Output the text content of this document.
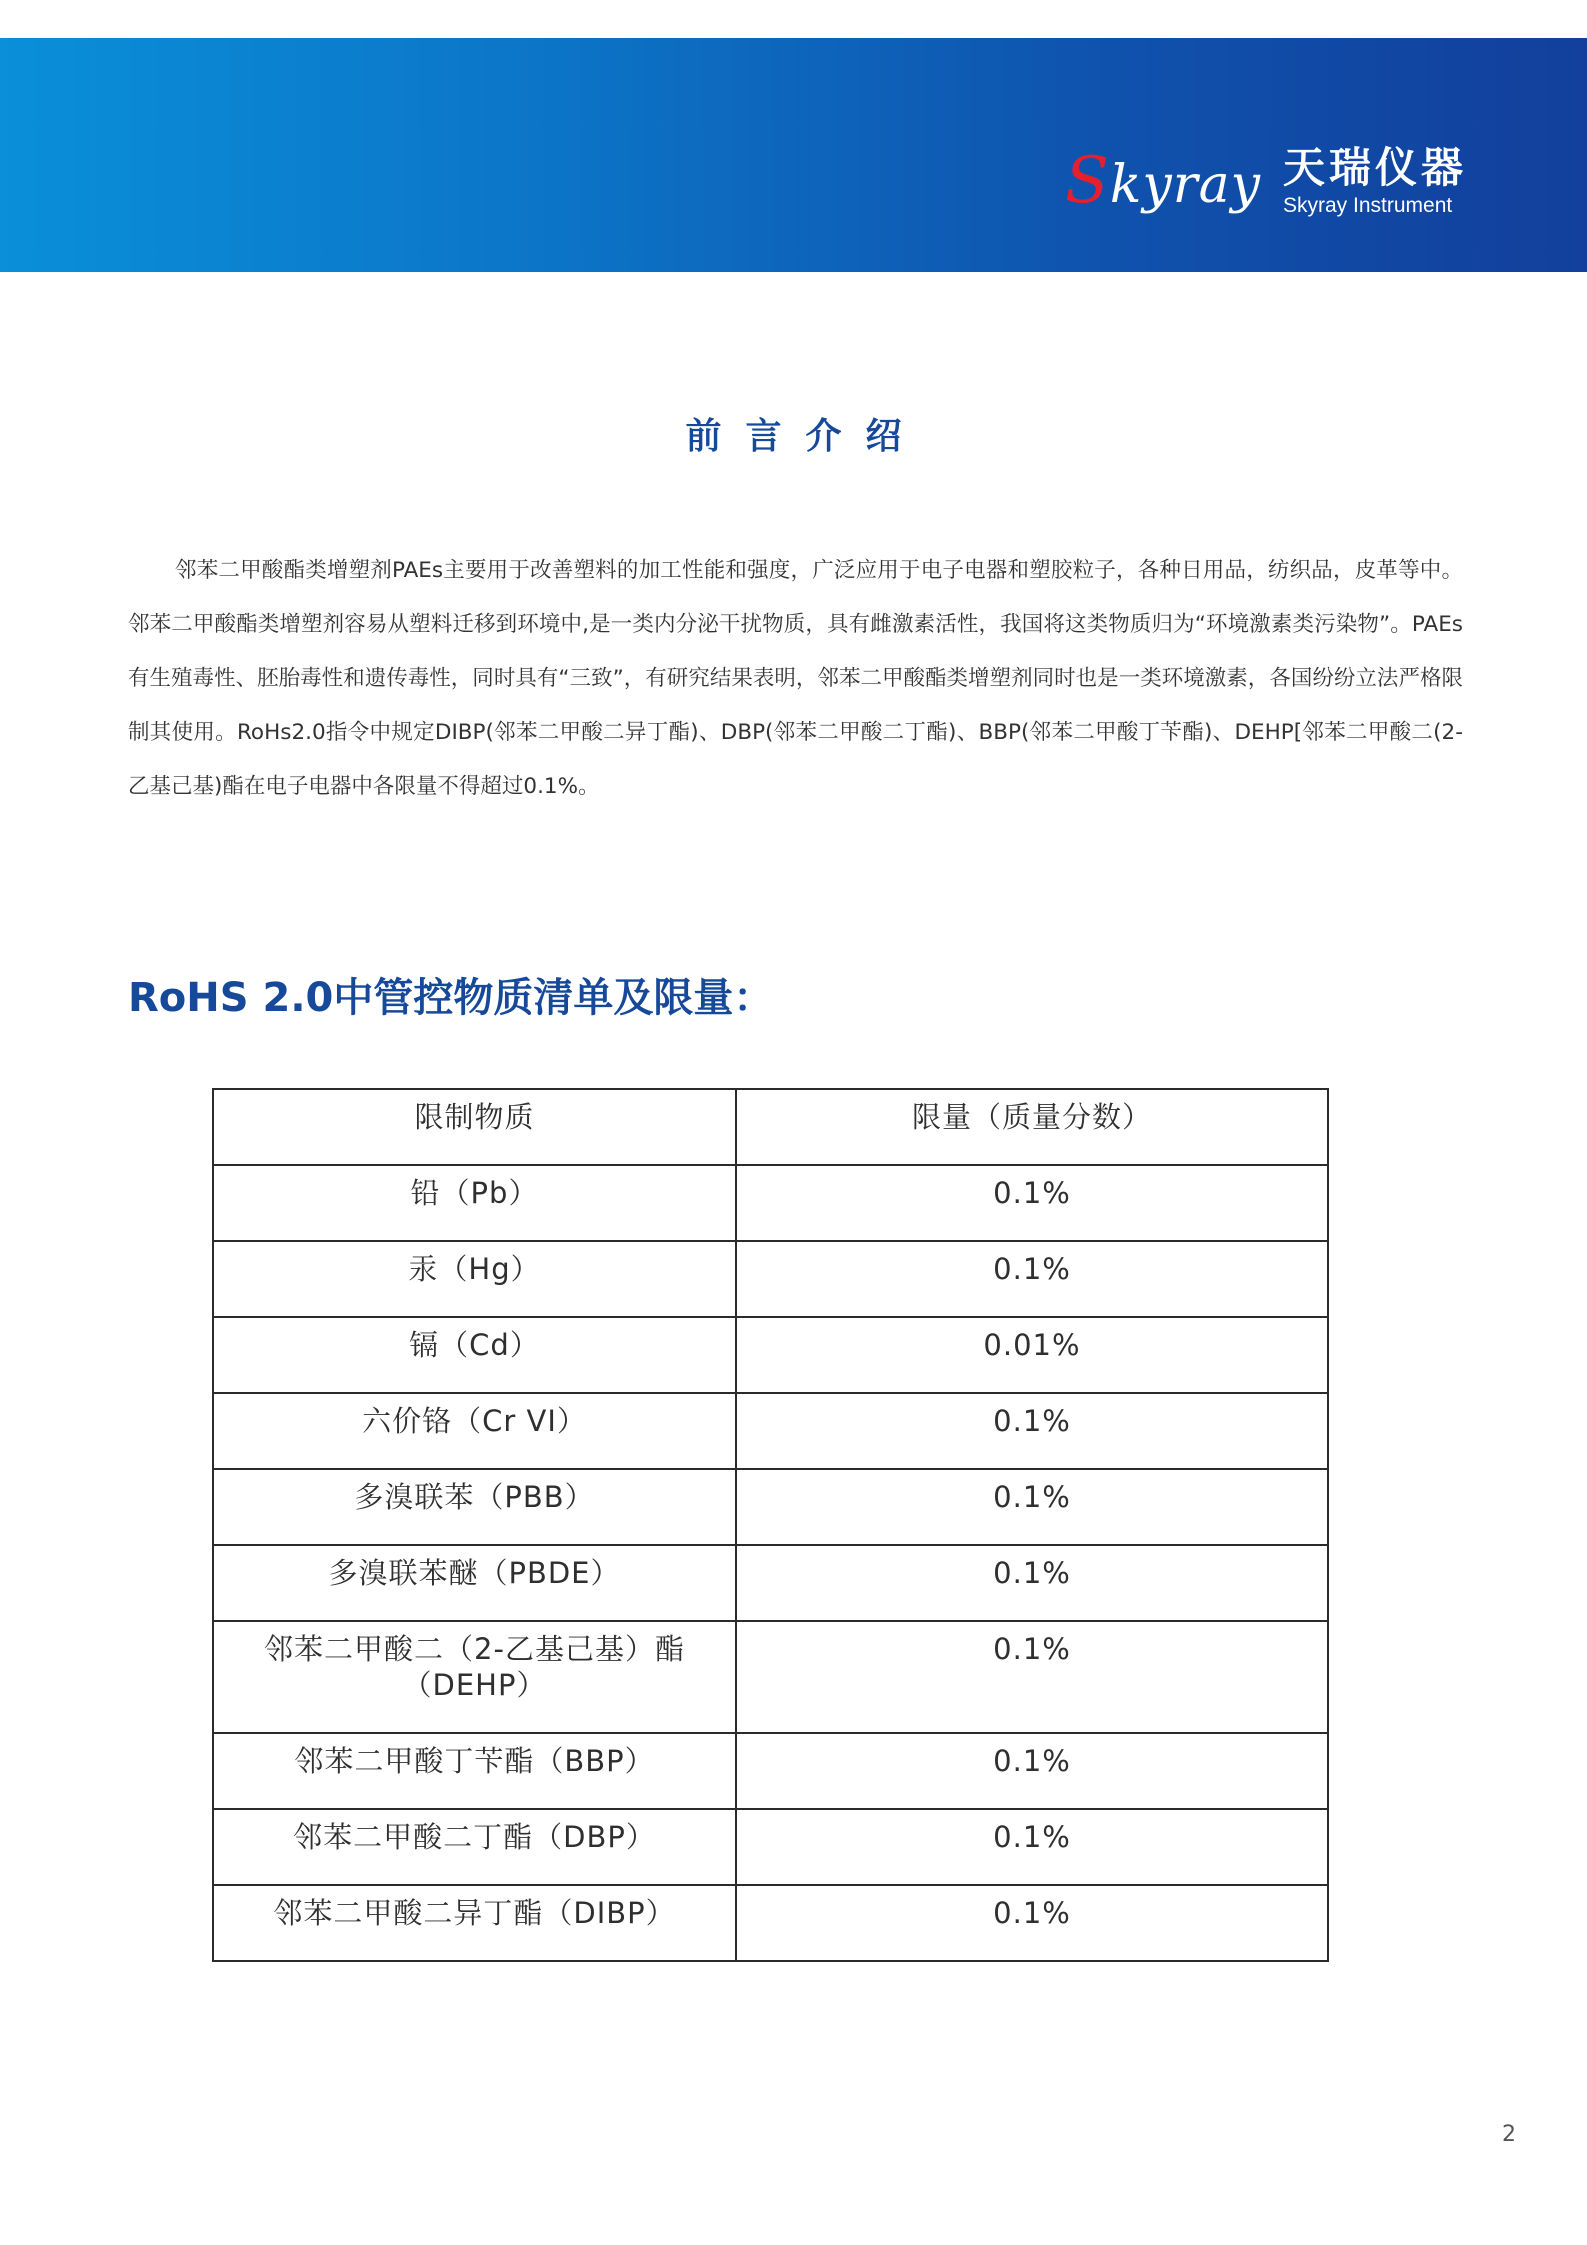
Skyray 天瑞仪器
Skyray Instrument
前言介绍

邻苯二甲酸酯类增塑剂PAEs主要用于改善塑料的加工性能和强度，广泛应用于电子电器和塑胶粒子，各种日用品，纺织品，皮革等中。邻苯二甲酸酯类增塑剂容易从塑料迁移到环境中,是一类内分泌干扰物质，具有雌激素活性，我国将这类物质归为“环境激素类污染物”。PAEs有生殖毒性、胚胎毒性和遗传毒性，同时具有“三致”，有研究结果表明，邻苯二甲酸酯类增塑剂同时也是一类环境激素，各国纷纷立法严格限制其使用。RoHs2.0指令中规定DIBP(邻苯二甲酸二异丁酯)、DBP(邻苯二甲酸二丁酯)、BBP(邻苯二甲酸丁苄酯)、DEHP[邻苯二甲酸二(2-乙基己基)酯在电子电器中各限量不得超过0.1%。

RoHS 2.0中管控物质清单及限量：
限制物质	限量（质量分数）
铅（Pb）	0.1%
汞（Hg）	0.1%
镉（Cd）	0.01%
六价铬（Cr VI）	0.1%
多溴联苯（PBB）	0.1%
多溴联苯醚（PBDE）	0.1%
邻苯二甲酸二（2-乙基己基）酯（DEHP）	0.1%
邻苯二甲酸丁苄酯（BBP）	0.1%
邻苯二甲酸二丁酯（DBP）	0.1%
邻苯二甲酸二异丁酯（DIBP）	0.1%
2
